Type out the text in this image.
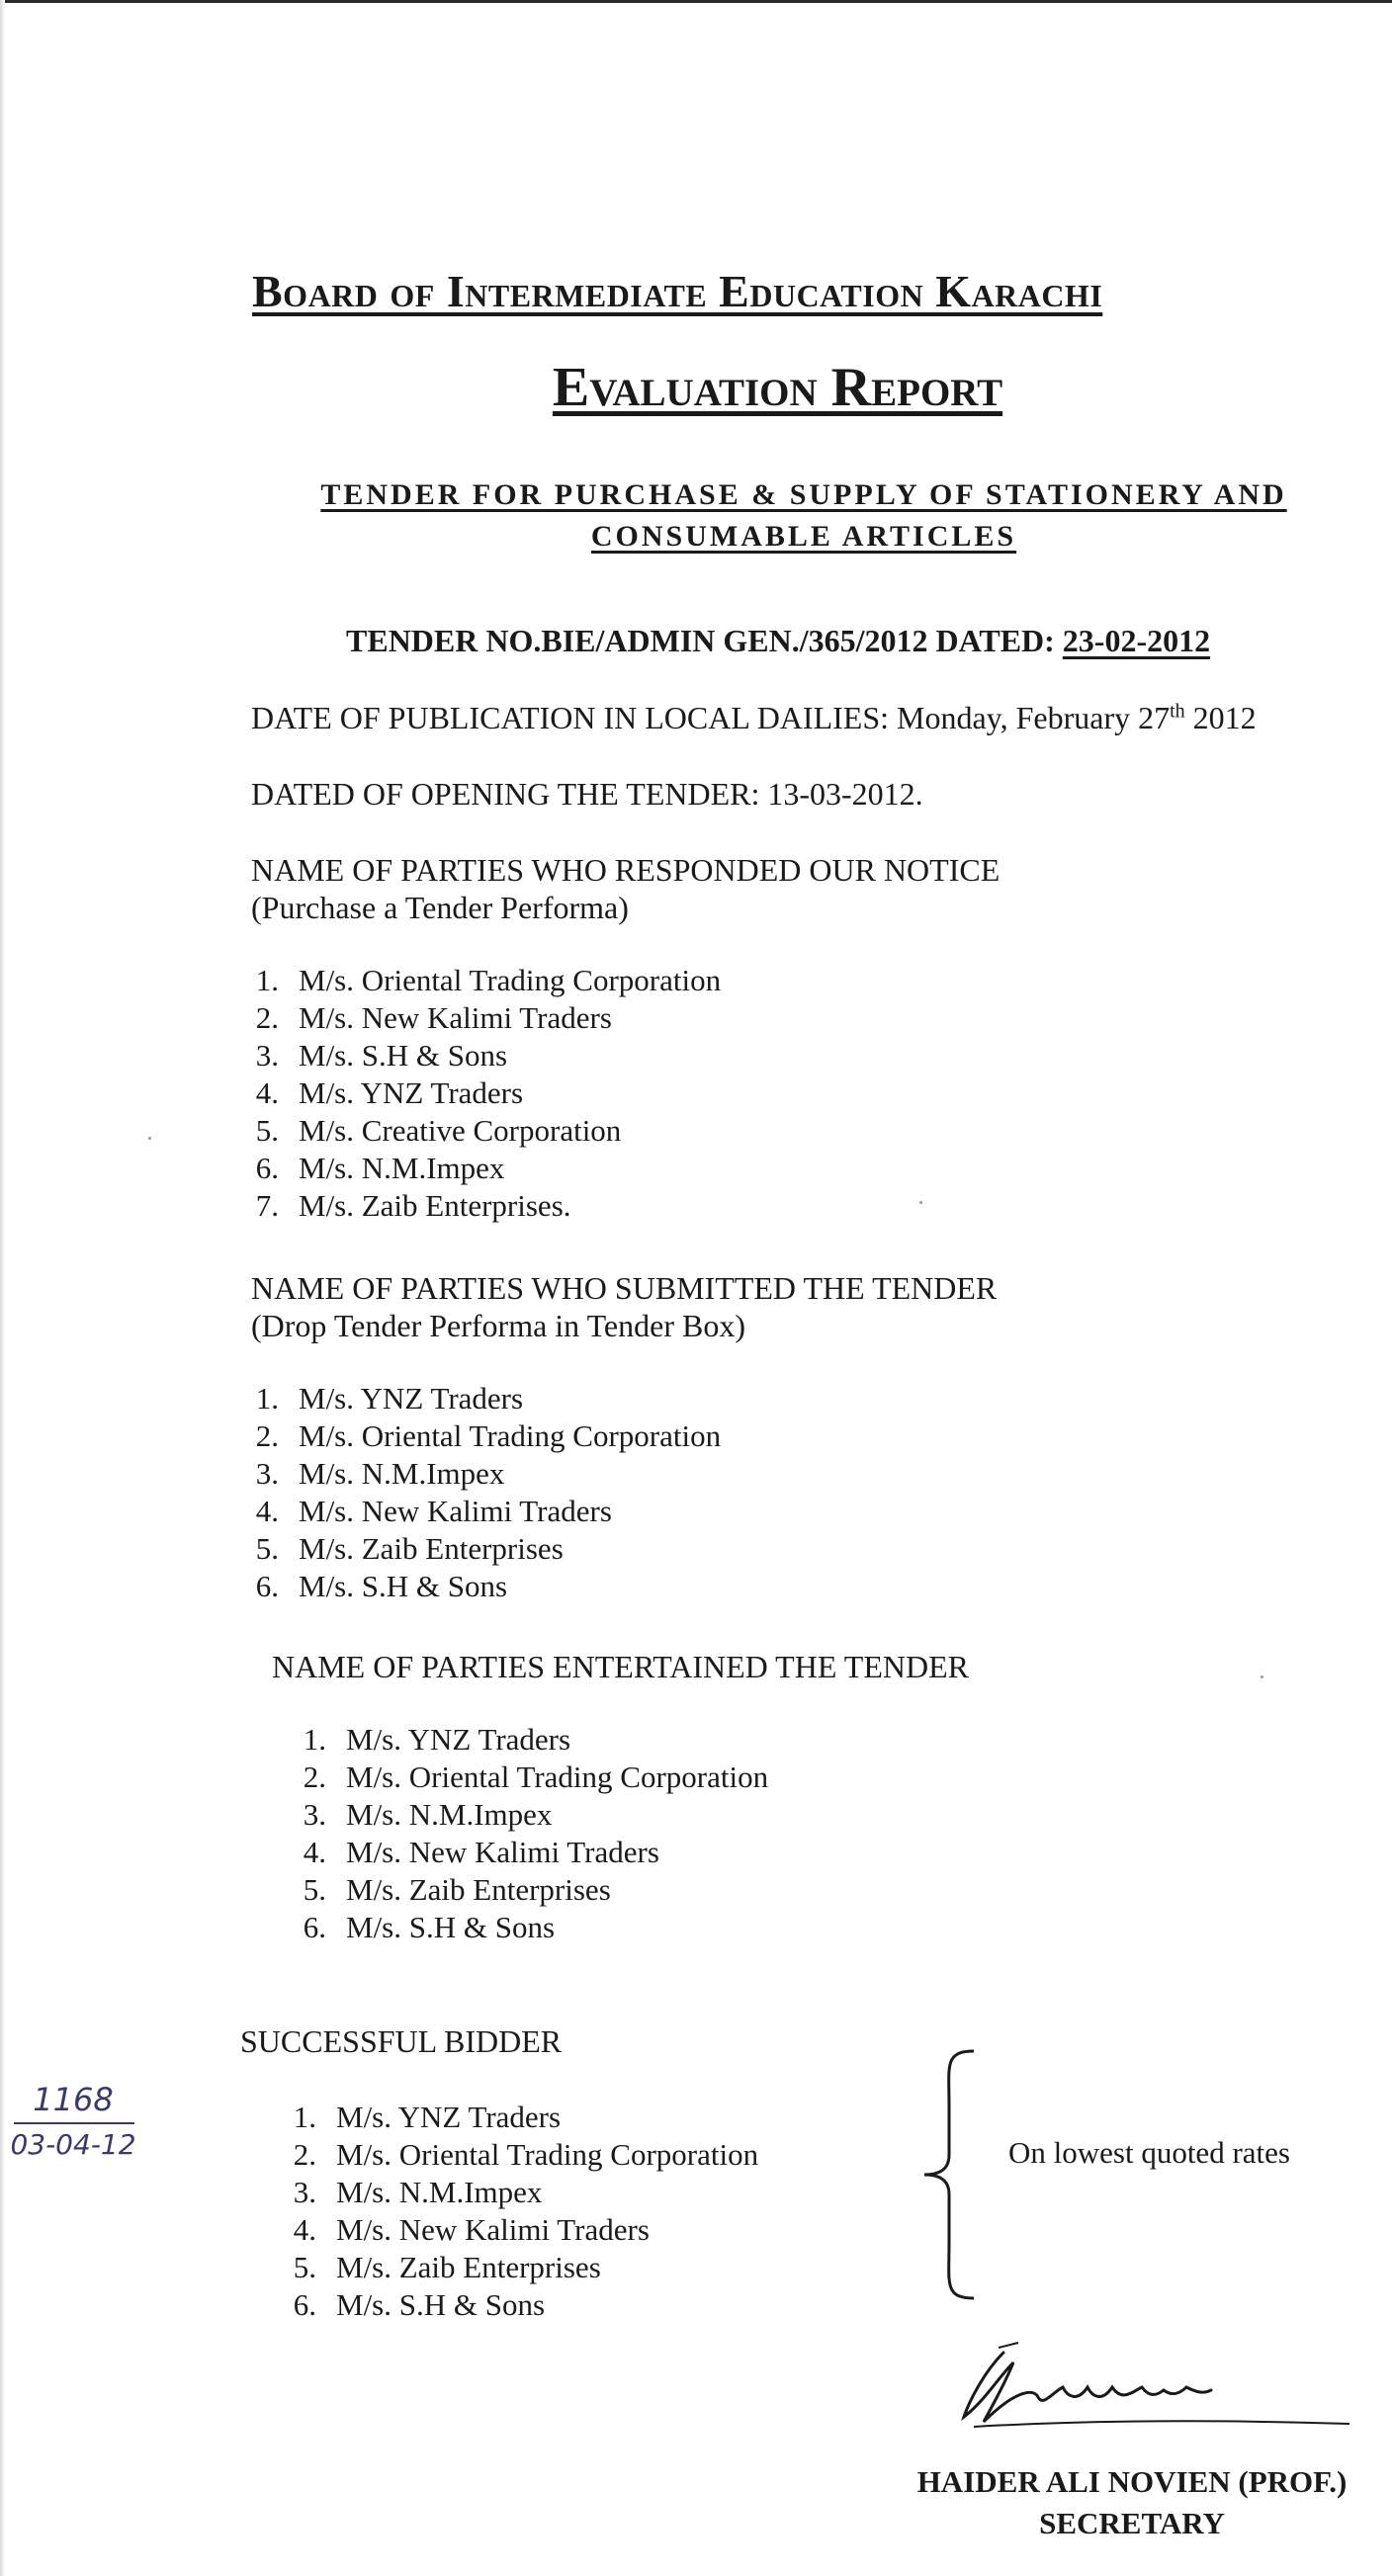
Board of Intermediate Education Karachi
Evaluation Report
TENDER FOR PURCHASE & SUPPLY OF STATIONERY AND
CONSUMABLE ARTICLES
TENDER NO.BIE/ADMIN GEN./365/2012 DATED: 23-02-2012
DATE OF PUBLICATION IN LOCAL DAILIES: Monday, February 27th 2012
DATED OF OPENING THE TENDER: 13-03-2012.
NAME OF PARTIES WHO RESPONDED OUR NOTICE
(Purchase a Tender Performa)
1. M/s. Oriental Trading Corporation
2. M/s. New Kalimi Traders
3. M/s. S.H & Sons
4. M/s. YNZ Traders
5. M/s. Creative Corporation
6. M/s. N.M.Impex
7. M/s. Zaib Enterprises.
NAME OF PARTIES WHO SUBMITTED THE TENDER
(Drop Tender Performa in Tender Box)
1. M/s. YNZ Traders
2. M/s. Oriental Trading Corporation
3. M/s. N.M.Impex
4. M/s. New Kalimi Traders
5. M/s. Zaib Enterprises
6. M/s. S.H & Sons
NAME OF PARTIES ENTERTAINED THE TENDER
1. M/s. YNZ Traders
2. M/s. Oriental Trading Corporation
3. M/s. N.M.Impex
4. M/s. New Kalimi Traders
5. M/s. Zaib Enterprises
6. M/s. S.H & Sons
SUCCESSFUL BIDDER
1. M/s. YNZ Traders
2. M/s. Oriental Trading Corporation
3. M/s. N.M.Impex
4. M/s. New Kalimi Traders
5. M/s. Zaib Enterprises
6. M/s. S.H & Sons
On lowest quoted rates
1168
03-04-12
HAIDER ALI NOVIEN (PROF.)
SECRETARY
